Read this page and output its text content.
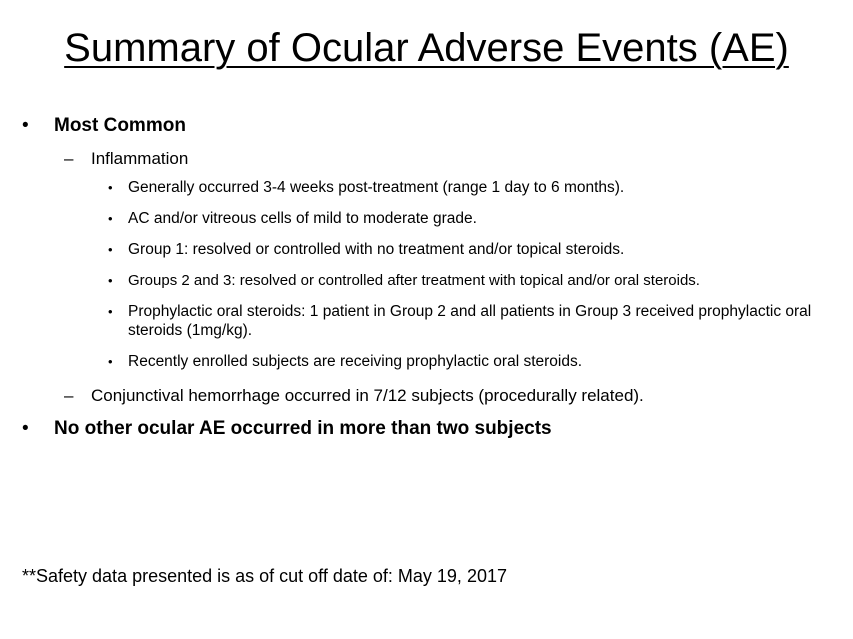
Summary of Ocular Adverse Events (AE)
• Most Common
– Inflammation
• Generally occurred 3-4 weeks post-treatment (range 1 day to 6 months).
• AC and/or vitreous cells of mild to moderate grade.
• Group 1: resolved or controlled with no treatment and/or topical steroids.
• Groups 2 and 3: resolved or controlled after treatment with topical and/or oral steroids.
• Prophylactic oral steroids: 1 patient in Group 2 and all patients in Group 3 received prophylactic oral steroids (1mg/kg).
• Recently enrolled subjects are receiving prophylactic oral steroids.
– Conjunctival hemorrhage occurred in 7/12 subjects (procedurally related).
• No other ocular AE occurred in more than two subjects
**Safety data presented is as of cut off date of: May 19, 2017
